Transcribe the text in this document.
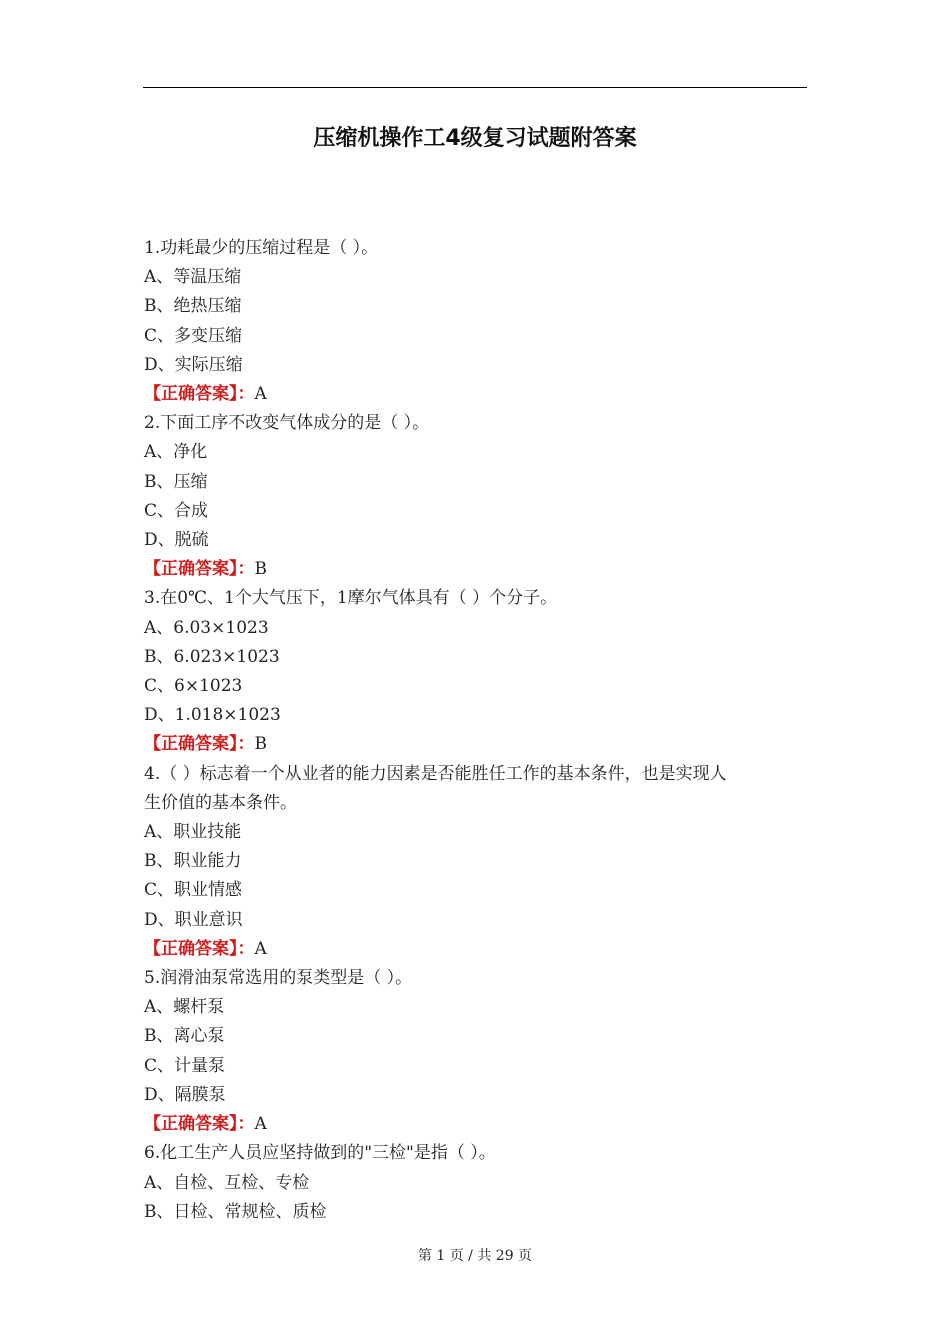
压缩机操作工4级复习试题附答案
1.功耗最少的压缩过程是（ ）。
A、等温压缩
B、绝热压缩
C、多变压缩
D、实际压缩
【正确答案】：A
2.下面工序不改变气体成分的是（ ）。
A、净化
B、压缩
C、合成
D、脱硫
【正确答案】：B
3.在0℃、1个大气压下，1摩尔气体具有（ ）个分子。
A、6.03×1023
B、6.023×1023
C、6×1023
D、1.018×1023
【正确答案】：B
4.（ ）标志着一个从业者的能力因素是否能胜任工作的基本条件，也是实现人
生价值的基本条件。
A、职业技能
B、职业能力
C、职业情感
D、职业意识
【正确答案】：A
5.润滑油泵常选用的泵类型是（ ）。
A、螺杆泵
B、离心泵
C、计量泵
D、隔膜泵
【正确答案】：A
6.化工生产人员应坚持做到的"三检"是指（ ）。
A、自检、互检、专检
B、日检、常规检、质检
第 1 页 / 共 29 页
